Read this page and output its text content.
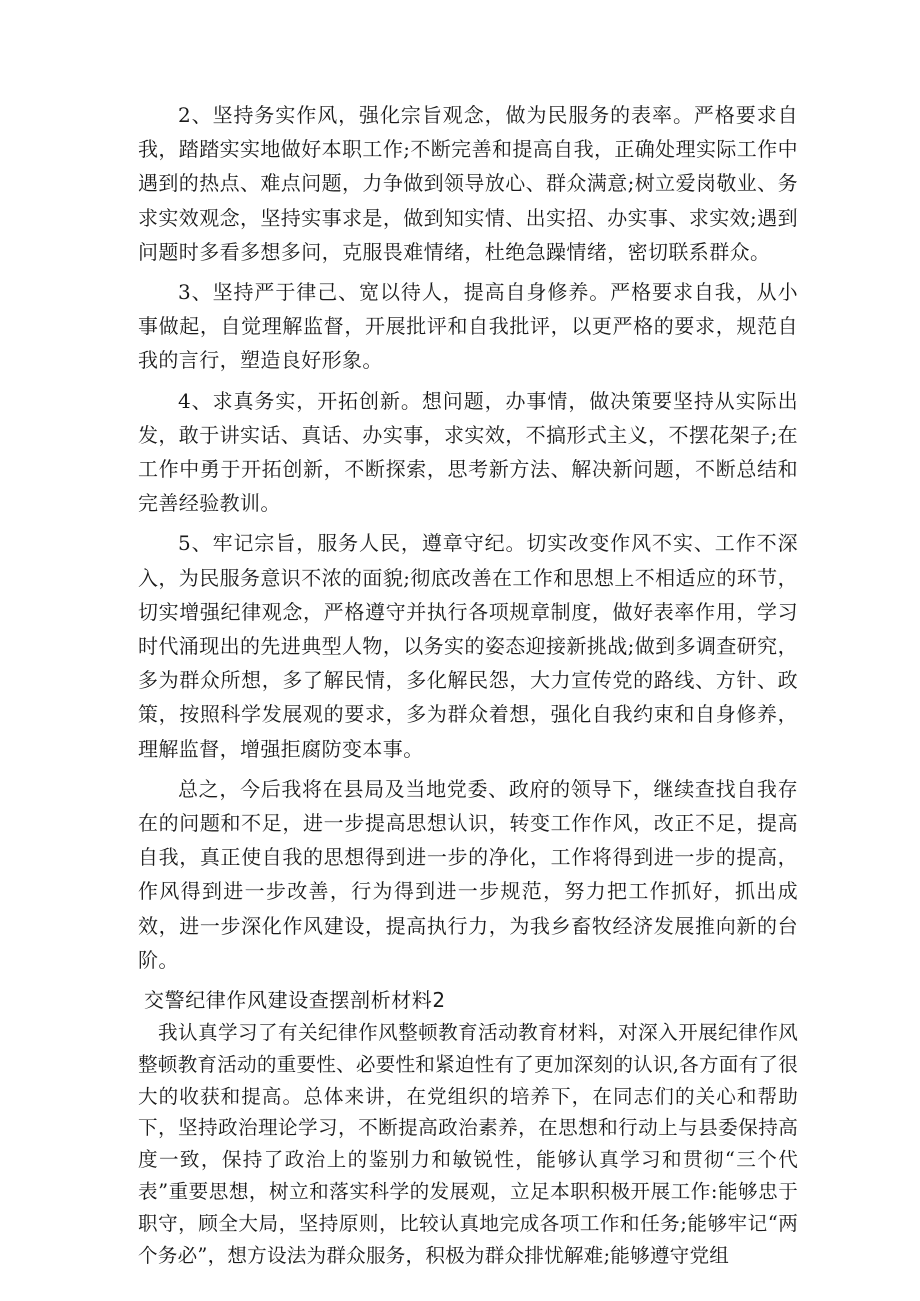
2、坚持务实作风，强化宗旨观念，做为民服务的表率。严格要求自我，踏踏实实地做好本职工作;不断完善和提高自我，正确处理实际工作中遇到的热点、难点问题，力争做到领导放心、群众满意;树立爱岗敬业、务求实效观念，坚持实事求是，做到知实情、出实招、办实事、求实效;遇到问题时多看多想多问，克服畏难情绪，杜绝急躁情绪，密切联系群众。

3、坚持严于律己、宽以待人，提高自身修养。严格要求自我，从小事做起，自觉理解监督，开展批评和自我批评，以更严格的要求，规范自我的言行，塑造良好形象。

4、求真务实，开拓创新。想问题，办事情，做决策要坚持从实际出发，敢于讲实话、真话、办实事，求实效，不搞形式主义，不摆花架子;在工作中勇于开拓创新，不断探索，思考新方法、解决新问题，不断总结和完善经验教训。

5、牢记宗旨，服务人民，遵章守纪。切实改变作风不实、工作不深入，为民服务意识不浓的面貌;彻底改善在工作和思想上不相适应的环节，切实增强纪律观念，严格遵守并执行各项规章制度，做好表率作用，学习时代涌现出的先进典型人物，以务实的姿态迎接新挑战;做到多调查研究，多为群众所想，多了解民情，多化解民怨，大力宣传党的路线、方针、政策，按照科学发展观的要求，多为群众着想，强化自我约束和自身修养，理解监督，增强拒腐防变本事。

总之，今后我将在县局及当地党委、政府的领导下，继续查找自我存在的问题和不足，进一步提高思想认识，转变工作作风，改正不足，提高自我，真正使自我的思想得到进一步的净化，工作将得到进一步的提高，作风得到进一步改善，行为得到进一步规范，努力把工作抓好，抓出成效，进一步深化作风建设，提高执行力，为我乡畜牧经济发展推向新的台阶。

交警纪律作风建设查摆剖析材料2

我认真学习了有关纪律作风整顿教育活动教育材料，对深入开展纪律作风整顿教育活动的重要性、必要性和紧迫性有了更加深刻的认识,各方面有了很大的收获和提高。总体来讲，在党组织的培养下，在同志们的关心和帮助下，坚持政治理论学习，不断提高政治素养，在思想和行动上与县委保持高度一致，保持了政治上的鉴别力和敏锐性，能够认真学习和贯彻“三个代表”重要思想，树立和落实科学的发展观，立足本职积极开展工作:能够忠于职守，顾全大局，坚持原则，比较认真地完成各项工作和任务;能够牢记“两个务必”，想方设法为群众服务，积极为群众排忧解难;能够遵守党组
